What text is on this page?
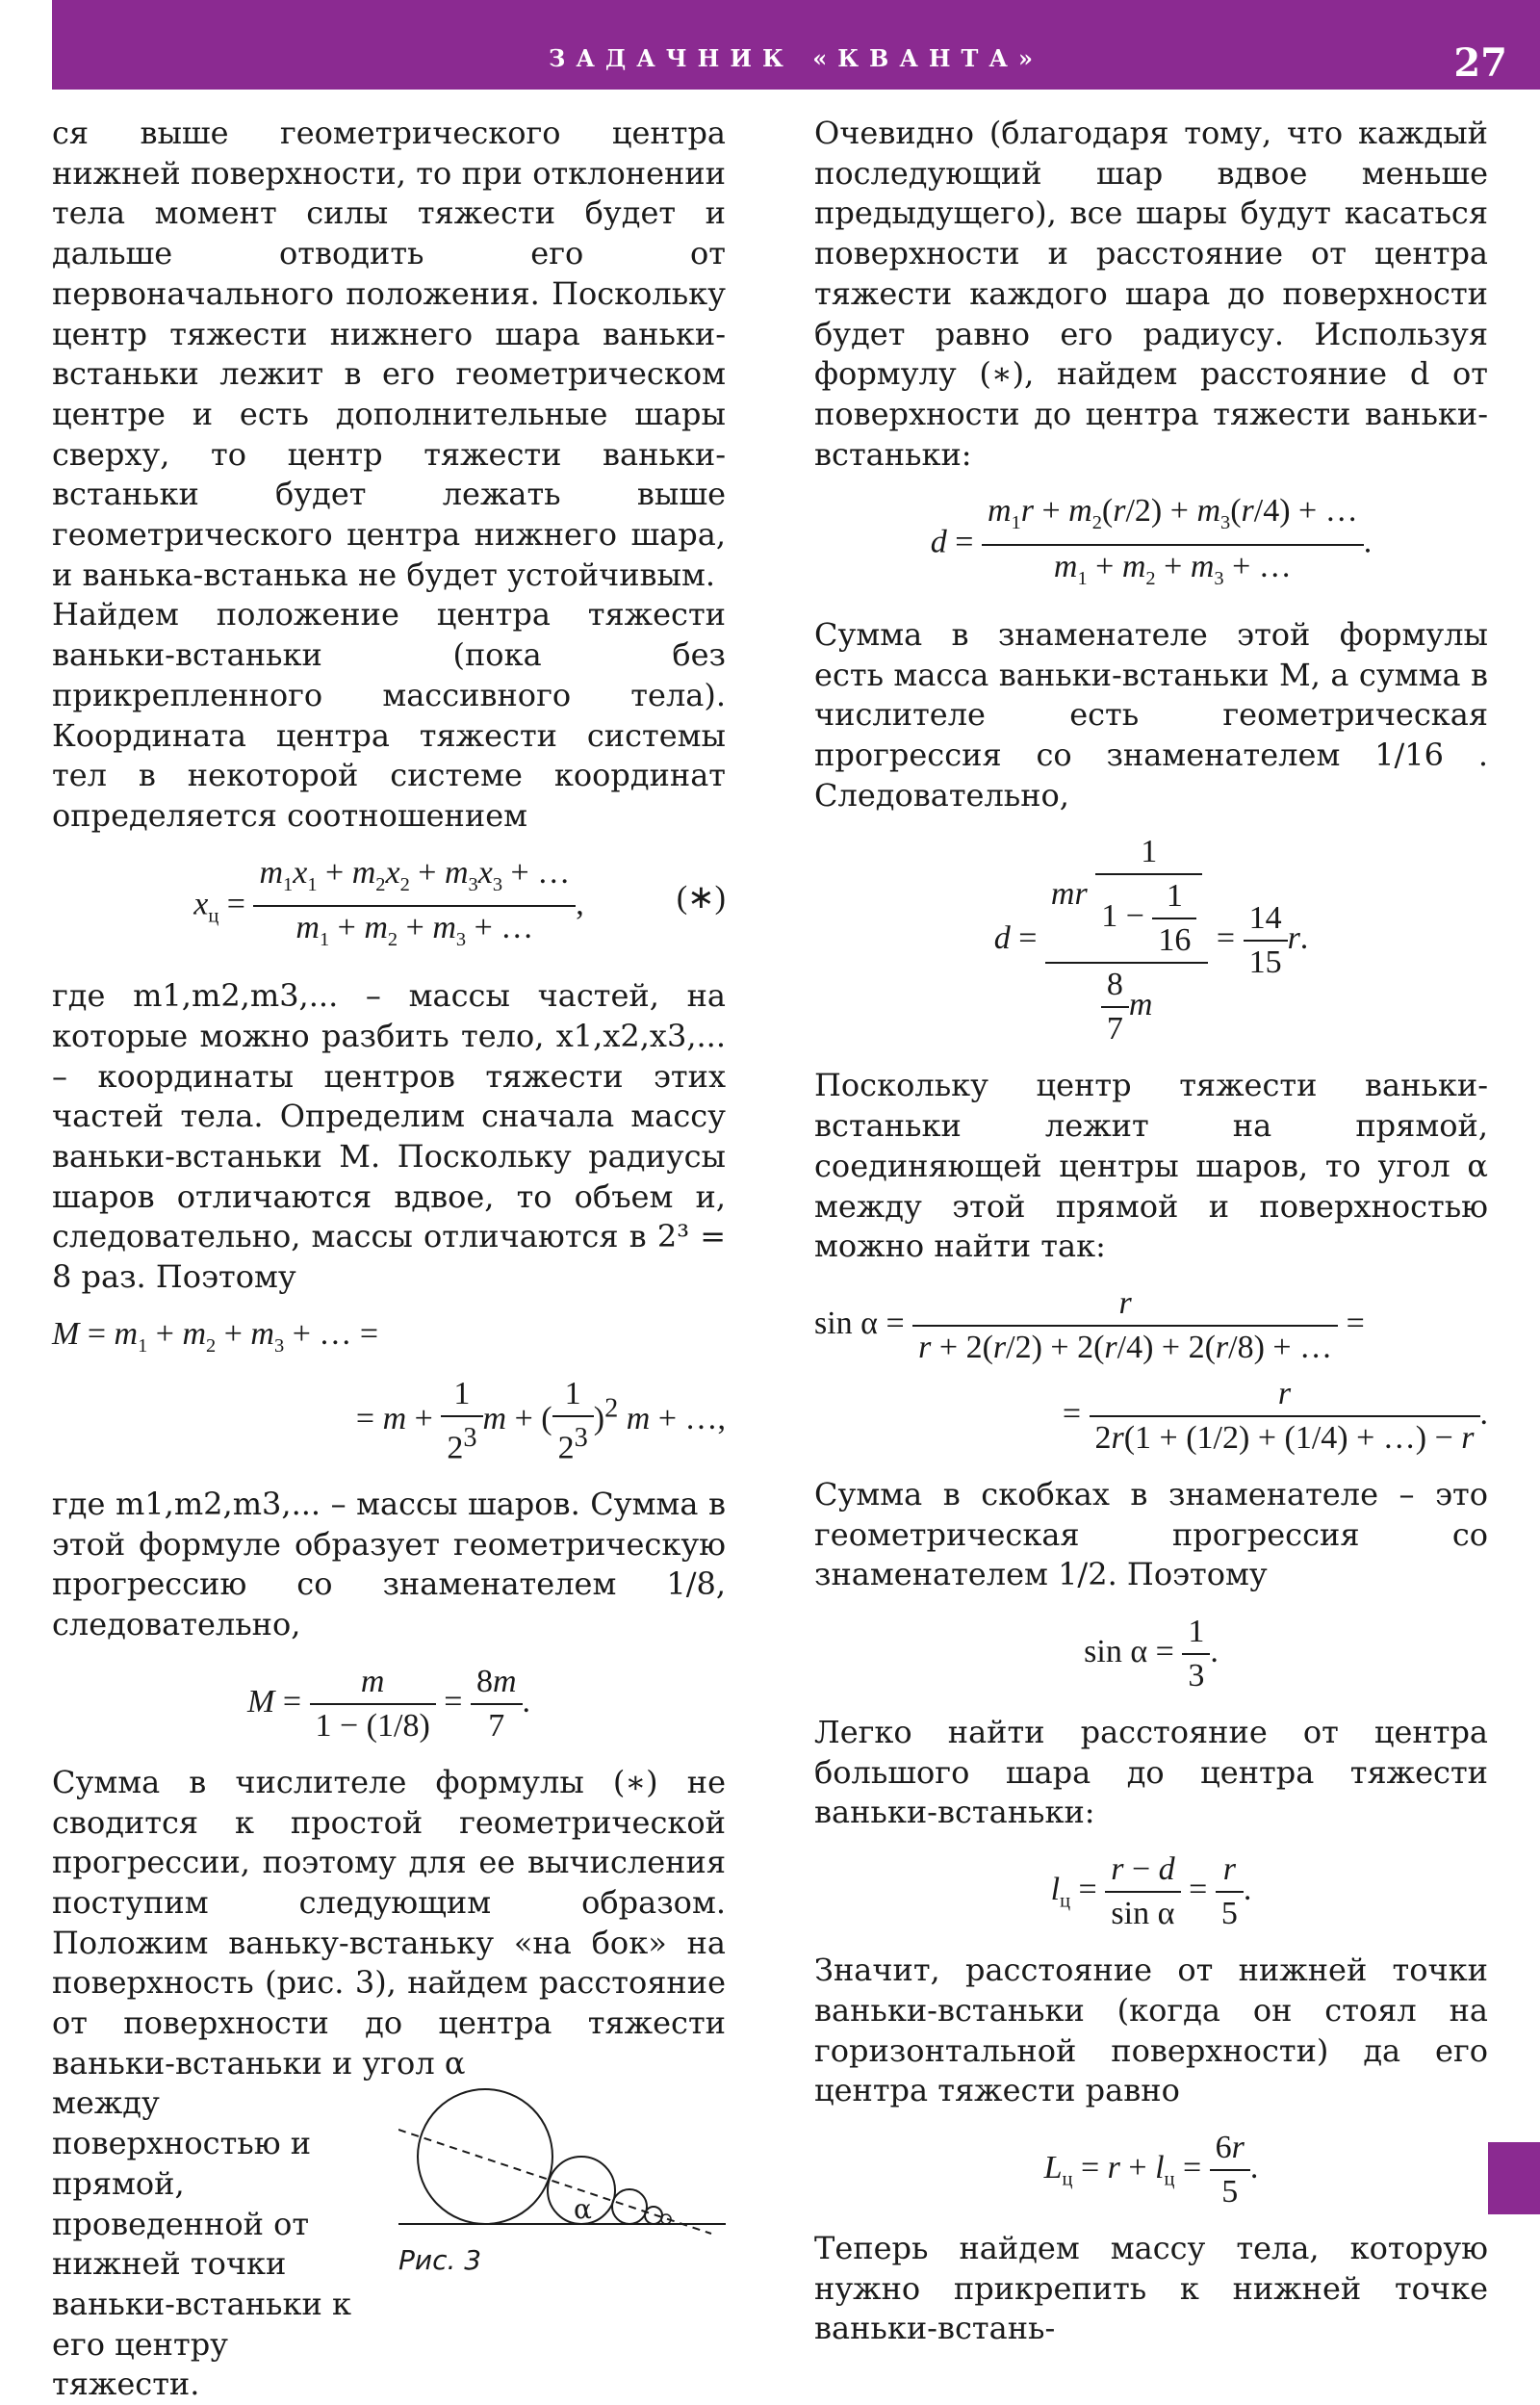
ЗАДАЧНИК «КВАНТА»	27

ся выше геометрического центра нижней поверхности, то при отклонении тела момент силы тяжести будет и дальше отводить его от первоначального положения. Поскольку центр тяжести нижнего шара ваньки-встаньки лежит в его геометрическом центре и есть дополнительные шары сверху, то центр тяжести ваньки-встаньки будет лежать выше геометрического центра нижнего шара, и ванька-встанька не будет устойчивым.

Найдем положение центра тяжести ваньки-встаньки (пока без прикрепленного массивного тела). Координата центра тяжести системы тел в некоторой системе координат определяется соотношением

$x_ц = \frac{m_1x_1 + m_2x_2 + m_3x_3 + \dots}{m_1 + m_2 + m_3 + \dots}$ ,	(∗)

где m1,m2,m3,... – массы частей, на которые можно разбить тело, x1,x2,x3,... – координаты центров тяжести этих частей тела. Определим сначала массу ваньки-встаньки M. Поскольку радиусы шаров отличаются вдвое, то объем и, следовательно, массы отличаются в 2³ = 8 раз. Поэтому

$M = m_1 + m_2 + m_3$ + … =
= $m + \frac{1}{2^3}$ m + ( $\frac{1}{2^3} )^2$ m + …,

где m1,m2,m3,... – массы шаров. Сумма в этой формуле образует геометрическую прогрессию со знаменателем 1/8, следовательно,

$M = \frac{m}{1 - (1/8)} = \frac{8m}{7}$ .

Сумма в числителе формулы (∗) не сводится к простой геометрической прогрессии, поэтому для ее вычисления поступим следующим образом. Положим ваньку-встаньку «на бок» на поверхность (рис. 3), найдем расстояние от поверхности до центра тяжести ваньки-встаньки и угол α

между поверхностью и прямой, проведенной от нижней точки ваньки-встаньки к его центру тяжести.

α
Рис. 3

Очевидно (благодаря тому, что каждый последующий шар вдвое меньше предыдущего), все шары будут касаться поверхности и расстояние от центра тяжести каждого шара до поверхности будет равно его радиусу. Используя формулу (∗), найдем расстояние d от поверхности до центра тяжести ваньки-встаньки:

$d = \frac{m_1r + m_2(r/2) + m_3(r/4) + \dots}{m_1 + m_2 + m_3 + \dots}$ .

Сумма в знаменателе этой формулы есть масса ваньки-встаньки M, а сумма в числителе есть геометрическая прогрессия со знаменателем 1/16 . Следовательно,

$d = \frac{mr \frac{1}{1 - \frac{1}{16}}}{\frac{8}{7} m} = \frac{14}{15} r$.

Поскольку центр тяжести ваньки-встаньки лежит на прямой, соединяющей центры шаров, то угол α между этой прямой и поверхностью можно найти так:

$\sin \alpha = \frac{r}{r + 2(r/2) + 2(r/4) + 2(r/8) + \dots}$ =
= $\frac{r}{2r(1 + (1/2) + (1/4) + \dots) - r}$ .

Сумма в скобках в знаменателе – это геометрическая прогрессия со знаменателем 1/2. Поэтому

$\sin \alpha = \frac{1}{3}$ .

Легко найти расстояние от центра большого шара до центра тяжести ваньки-встаньки:

$l_ц = \frac{r - d}{\text{sin α}} = \frac{r}{5}$ .

Значит, расстояние от нижней точки ваньки-встаньки (когда он стоял на горизонтальной поверхности) да его центра тяжести равно

$L_ц = r + l_ц = \frac{6r}{5}$ .

Теперь найдем массу тела, которую нужно прикрепить к нижней точке ваньки-встань-
